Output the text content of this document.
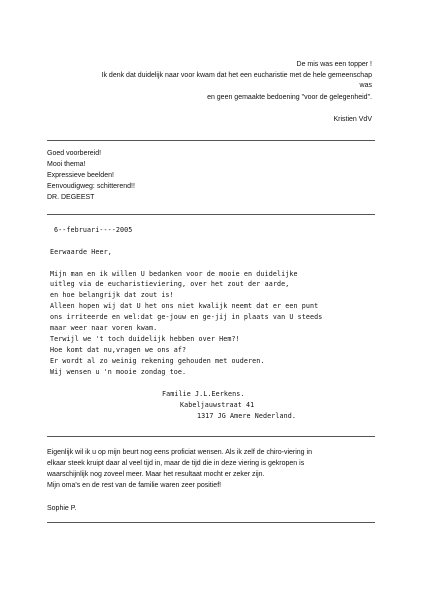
De mis was een topper !
Ik denk dat duidelijk naar voor kwam dat het een eucharistie met de hele gemeenschap
was
en geen gemaakte bedoening "voor de gelegenheid".
Kristien VdV
Goed voorbereid!
Mooi thema!
Expressieve beelden!
Eenvoudigweg: schitterend!!
DR. DEGEEST
6--februari----2005
Eerwaarde Heer,
Mijn man en ik willen U bedanken voor de mooie en duidelijke
uitleg via de eucharistieviering, over het zout der aarde,
en hoe belangrijk dat zout is!
Alleen hopen wij dat U het ons niet kwalijk neemt dat er een punt
ons irriteerde en wel:dat ge-jouw en ge-jij in plaats van U steeds
maar weer naar voren kwam.
Terwijl we 't toch duidelijk hebben over Hem?!
Hoe komt dat nu,vragen we ons af?
Er wordt al zo weinig rekening gehouden met ouderen.
Wij wensen u 'n mooie zondag toe.
Familie J.L.Eerkens.
Kabeljauwstraat 41
1317 JG Amere Nederland.
Eigenlijk wil ik u op mijn beurt nog eens proficiat wensen. Als ik zelf de chiro-viering in
elkaar steek kruipt daar al veel tijd in, maar de tijd die in deze viering is gekropen is
waarschijnlijk nog zoveel meer. Maar het resultaat mocht er zeker zijn.
Mijn oma's en de rest van de familie waren zeer positief!
Sophie P.
